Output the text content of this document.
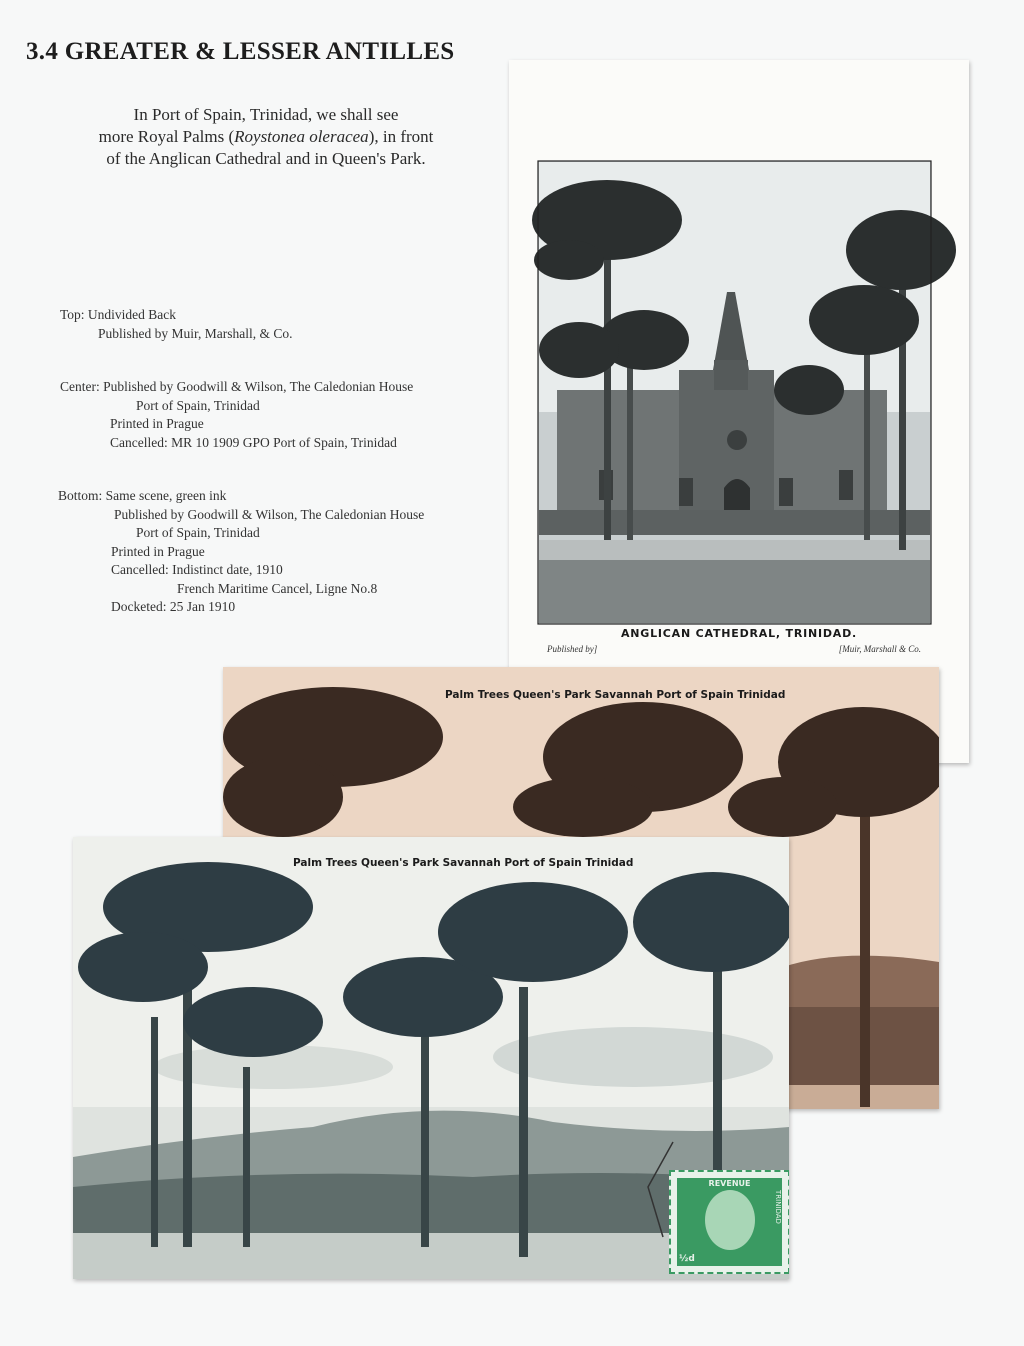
3.4 GREATER & LESSER ANTILLES
In Port of Spain, Trinidad, we shall see
more Royal Palms (Roystonea oleracea), in front
of the Anglican Cathedral and in Queen's Park.
Top: Undivided Back
Published by Muir, Marshall, & Co.
Center: Published by Goodwill & Wilson, The Caledonian House
Port of Spain, Trinidad
Printed in Prague
Cancelled: MR 10 1909 GPO Port of Spain, Trinidad
Bottom: Same scene, green ink
Published by Goodwill & Wilson, The Caledonian House
Port of Spain, Trinidad
Printed in Prague
Cancelled: Indistinct date, 1910
French Maritime Cancel, Ligne No.8
Docketed: 25 Jan 1910
ANGLICAN CATHEDRAL, TRINIDAD.
Published by]	[Muir, Marshall & Co.
Palm Trees Queen's Park Savannah Port of Spain Trinidad
Palm Trees Queen's Park Savannah Port of Spain Trinidad
REVENUE
½d
TRINIDAD
